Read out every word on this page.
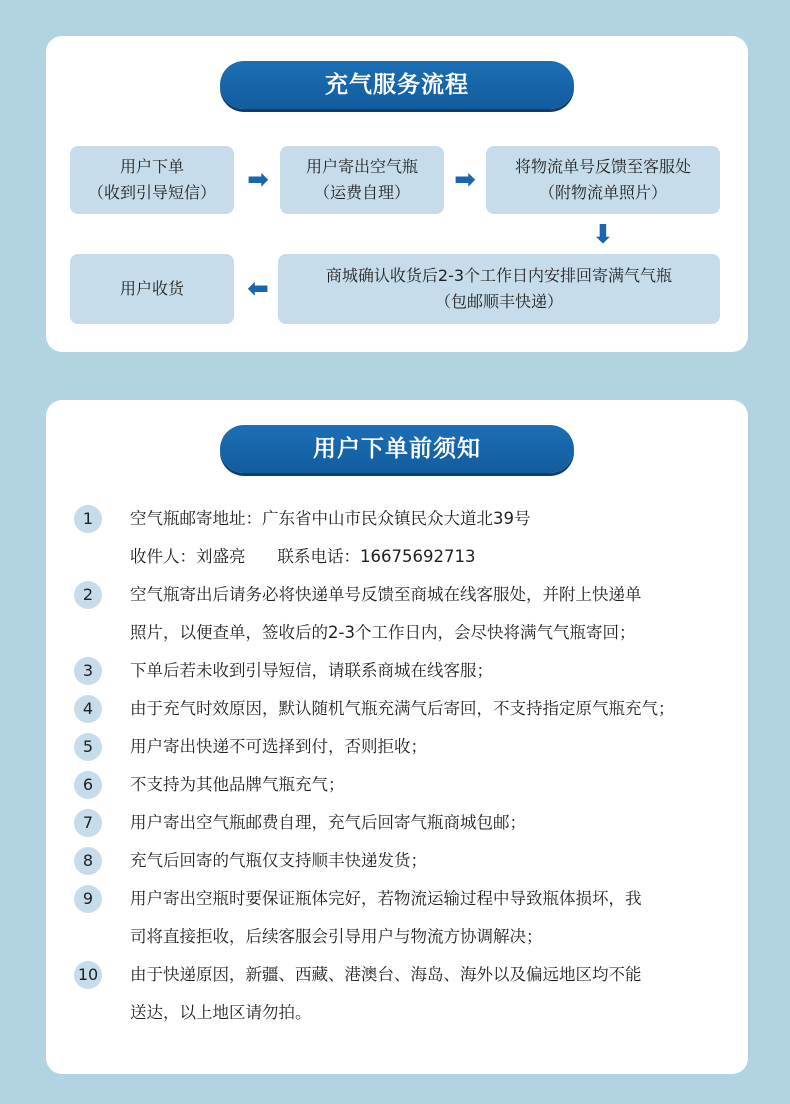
充气服务流程
用户下单
（收到引导短信） ➡ 用户寄出空气瓶
（运费自理） ➡ 将物流单号反馈至客服处
（附物流单照片）
⬇
商城确认收货后2-3个工作日内安排回寄满气气瓶
（包邮顺丰快递）
⬅
用户收货
用户下单前须知
1	空气瓶邮寄地址：广东省中山市民众镇民众大道北39号
收件人：刘盛亮 联系电话：16675692713
2	空气瓶寄出后请务必将快递单号反馈至商城在线客服处，并附上快递单
照片，以便查单，签收后的2-3个工作日内，会尽快将满气气瓶寄回；
3	下单后若未收到引导短信，请联系商城在线客服；
4	由于充气时效原因，默认随机气瓶充满气后寄回，不支持指定原气瓶充气；
5	用户寄出快递不可选择到付，否则拒收；
6	不支持为其他品牌气瓶充气；
7	用户寄出空气瓶邮费自理，充气后回寄气瓶商城包邮；
8	充气后回寄的气瓶仅支持顺丰快递发货；
9	用户寄出空瓶时要保证瓶体完好，若物流运输过程中导致瓶体损坏，我
司将直接拒收，后续客服会引导用户与物流方协调解决；
10 由于快递原因，新疆、西藏、港澳台、海岛、海外以及偏远地区均不能
送达，以上地区请勿拍。
